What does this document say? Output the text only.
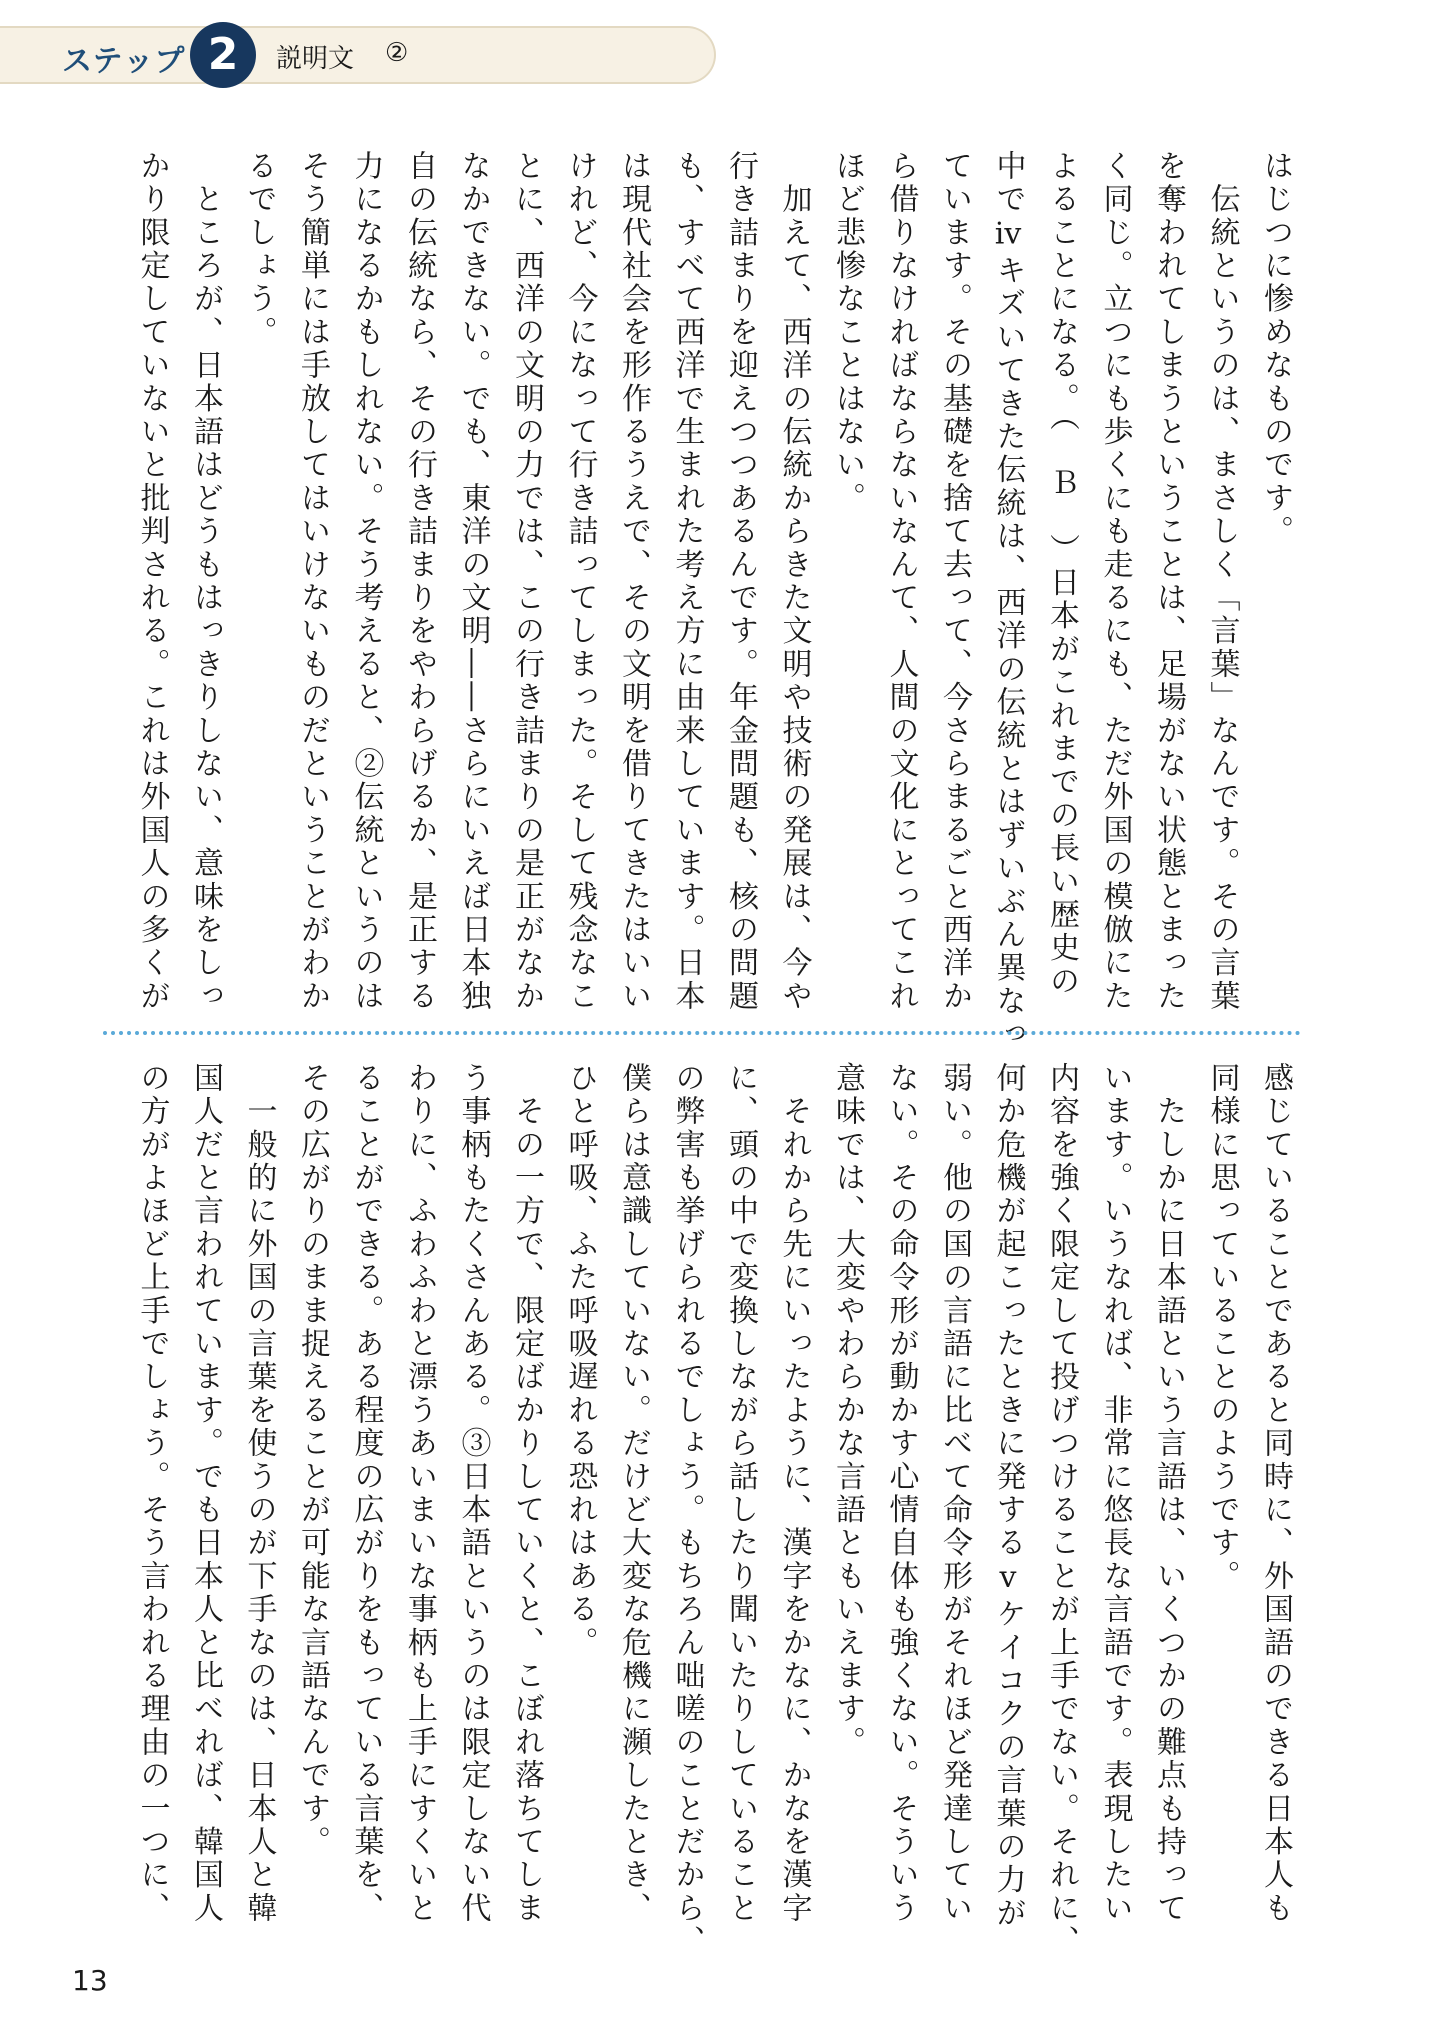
ステップ 2	説明文 ②
はじつに惨めなものです。
　伝統というのは、まさしく「言葉」なんです。その言葉
を奪われてしまうということは、足場がない状態とまった
く同じ。立つにも歩くにも走るにも、ただ外国の模倣にた
よることになる。（　Ｂ　）日本がこれまでの長い歴史の
中でⅳキズいてきた伝統は、西洋の伝統とはずいぶん異なっ
ています。その基礎を捨て去って、今さらまるごと西洋か
ら借りなければならないなんて、人間の文化にとってこれ
ほど悲惨なことはない。
　加えて、西洋の伝統からきた文明や技術の発展は、今や
行き詰まりを迎えつつあるんです。年金問題も、核の問題
も、すべて西洋で生まれた考え方に由来しています。日本
は現代社会を形作るうえで、その文明を借りてきたはいい
けれど、今になって行き詰ってしまった。そして残念なこ
とに、西洋の文明の力では、この行き詰まりの是正がなか
なかできない。でも、東洋の文明――さらにいえば日本独
自の伝統なら、その行き詰まりをやわらげるか、是正する
力になるかもしれない。そう考えると、②伝統というのは
そう簡単には手放してはいけないものだということがわか
るでしょう。
　ところが、日本語はどうもはっきりしない、意味をしっ
かり限定していないと批判される。これは外国人の多くが
感じていることであると同時に、外国語のできる日本人も
同様に思っていることのようです。
　たしかに日本語という言語は、いくつかの難点も持って
います。いうなれば、非常に悠長な言語です。表現したい
内容を強く限定して投げつけることが上手でない。それに、
何か危機が起こったときに発するⅴケイコクの言葉の力が
弱い。他の国の言語に比べて命令形がそれほど発達してい
ない。その命令形が動かす心情自体も強くない。そういう
意味では、大変やわらかな言語ともいえます。
　それから先にいったように、漢字をかなに、かなを漢字
に、頭の中で変換しながら話したり聞いたりしていること
の弊害も挙げられるでしょう。もちろん咄嗟のことだから、
僕らは意識していない。だけど大変な危機に瀕したとき、
ひと呼吸、ふた呼吸遅れる恐れはある。
　その一方で、限定ばかりしていくと、こぼれ落ちてしま
う事柄もたくさんある。③日本語というのは限定しない代
わりに、ふわふわと漂うあいまいな事柄も上手にすくいと
ることができる。ある程度の広がりをもっている言葉を、
その広がりのまま捉えることが可能な言語なんです。
　一般的に外国の言葉を使うのが下手なのは、日本人と韓
国人だと言われています。でも日本人と比べれば、韓国人
の方がよほど上手でしょう。そう言われる理由の一つに、
13
